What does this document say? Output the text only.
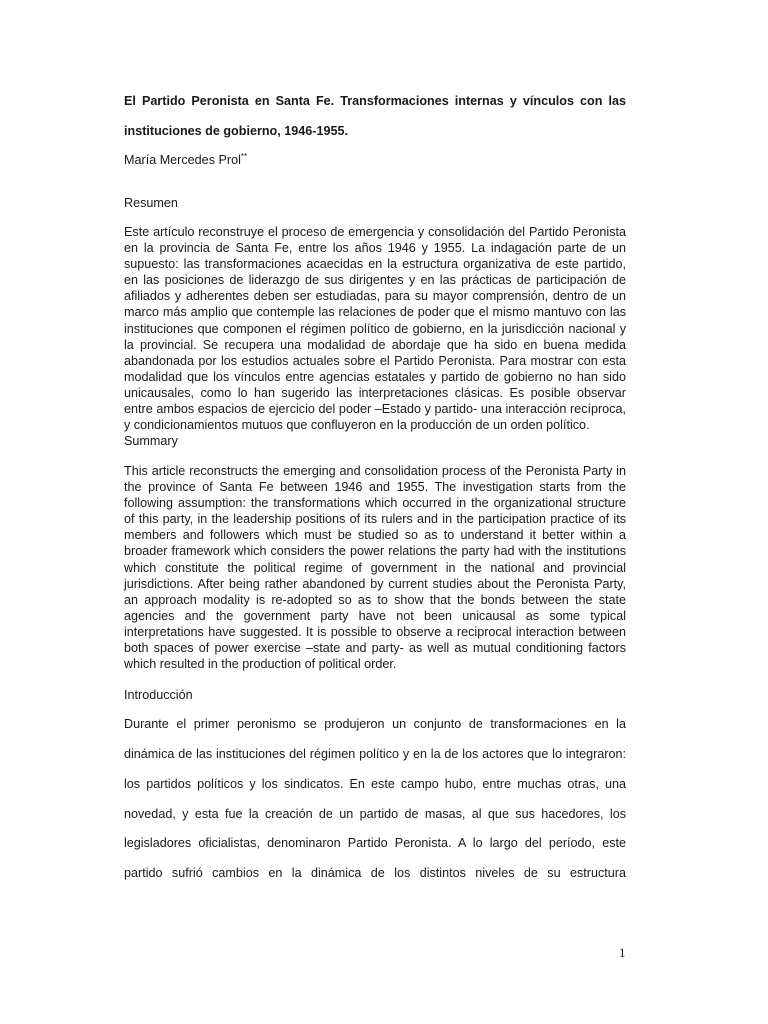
El Partido Peronista en Santa Fe. Transformaciones internas y vínculos con las

instituciones de gobierno, 1946-1955.

María Mercedes Prol**

Resumen

Este artículo reconstruye el proceso de emergencia y consolidación del Partido Peronista en la provincia de Santa Fe, entre los años 1946 y 1955. La indagación parte de un supuesto: las transformaciones acaecidas en la estructura organizativa de este partido, en las posiciones de liderazgo de sus dirigentes y en las prácticas de participación de afiliados y adherentes deben ser estudiadas, para su mayor comprensión, dentro de un marco más amplio que contemple las relaciones de poder que el mismo mantuvo con las instituciones que componen el régimen político de gobierno, en la jurisdicción nacional y la provincial. Se recupera una modalidad de abordaje que ha sido en buena medida abandonada por los estudios actuales sobre el Partido Peronista. Para mostrar con esta modalidad que los vínculos entre agencias estatales y partido de gobierno no han sido unicausales, como lo han sugerido las interpretaciones clásicas. Es posible observar entre ambos espacios de ejercicio del poder –Estado y partido- una interacción recíproca, y condicionamientos mutuos que confluyeron en la producción de un orden político.

Summary

This article reconstructs the emerging and consolidation process of the Peronista Party in the province of Santa Fe between 1946 and 1955. The investigation starts from the following assumption: the transformations which occurred in the organizational structure of this party, in the leadership positions of its rulers and in the participation practice of its members and followers which must be studied so as to understand it better within a broader framework which considers the power relations the party had with the institutions which constitute the political regime of government in the national and provincial jurisdictions. After being rather abandoned by current studies about the Peronista Party, an approach modality is re-adopted so as to show that the bonds between the state agencies and the government party have not been unicausal as some typical interpretations have suggested. It is possible to observe a reciprocal interaction between both spaces of power exercise –state and party- as well as mutual conditioning factors which resulted in the production of political order.

Introducción

Durante el primer peronismo se produjeron un conjunto de transformaciones en la

dinámica de las instituciones del régimen político y en la de los actores que lo integraron:

los partidos políticos y los sindicatos. En este campo hubo, entre muchas otras, una

novedad, y esta fue la creación de un partido de masas, al que sus hacedores, los

legisladores oficialistas, denominaron Partido Peronista. A lo largo del período, este

partido sufrió cambios en la dinámica de los distintos niveles de su estructura

1
